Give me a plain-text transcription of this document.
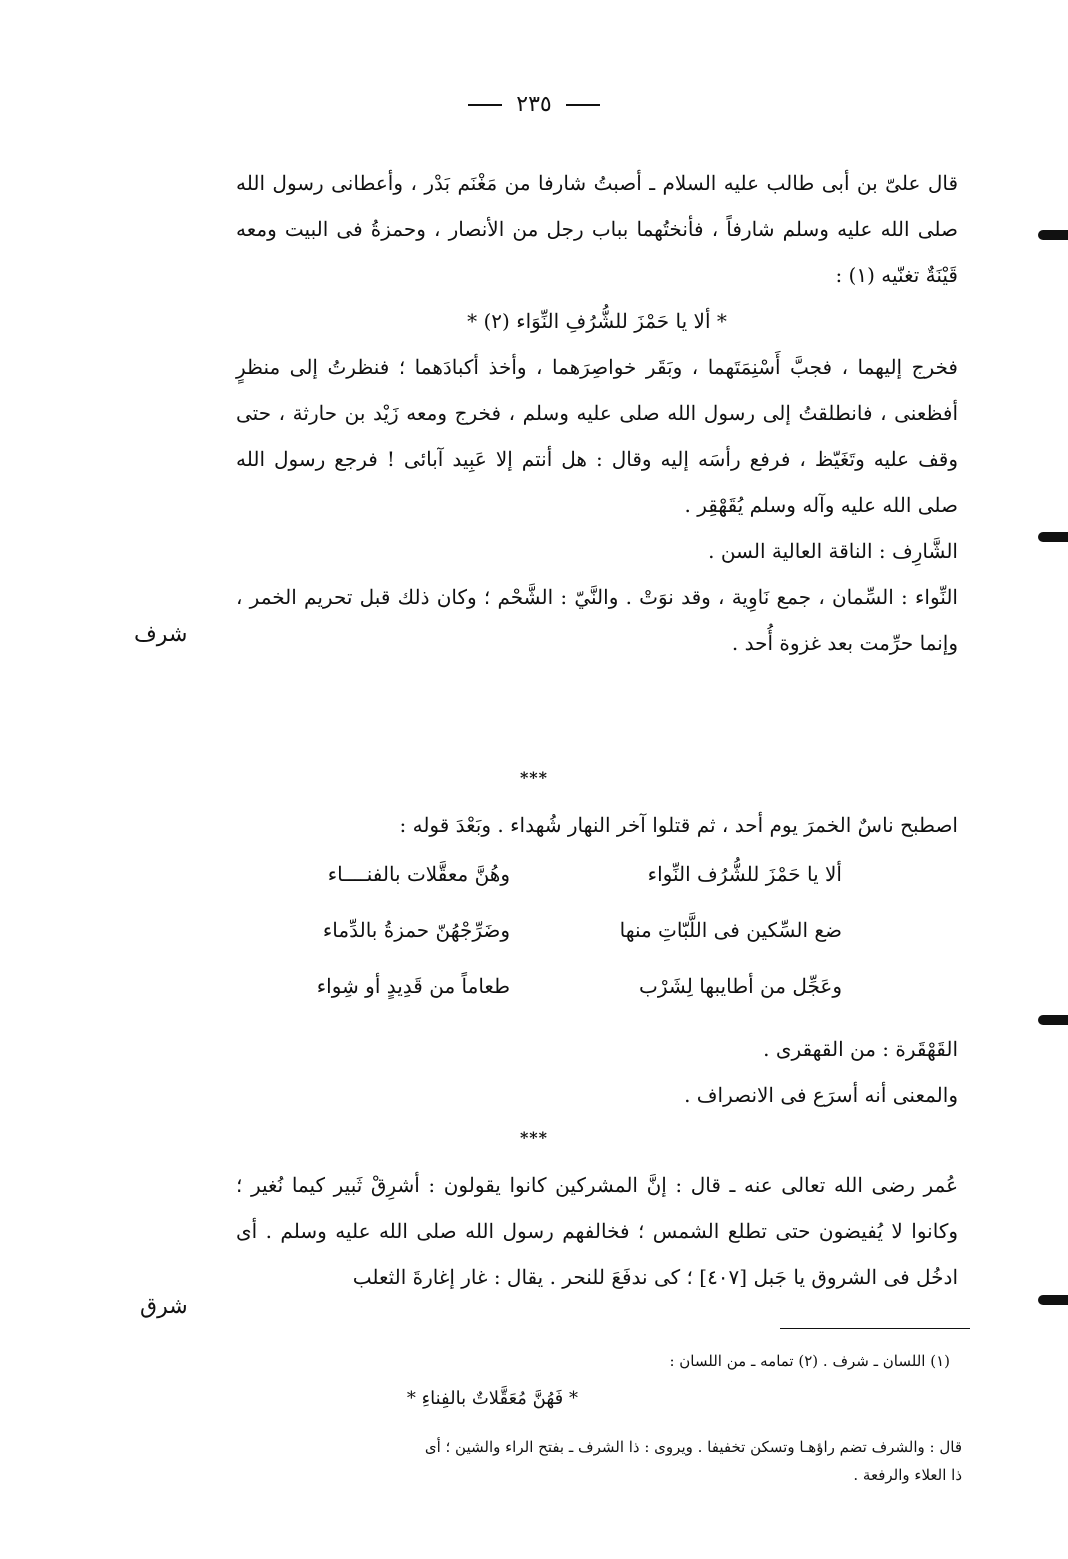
٢٣٥

قال علىّ بن أبى طالب عليه السلام ـ أصبتُ شارفا من مَغْنَم بَدْر ، وأعطانى رسول الله صلى الله عليه وسلم شارفاً ، فأنختُهما بباب رجل من الأنصار ، وحمزةُ فى البيت ومعه قَيْنَةٌ تغنّيه (١) :

* ألا يا حَمْزَ للشُّرُفِ النِّوَاء (٢) *

فخرج إليهما ، فجبَّ أَسْنِمَتَهما ، وبَقَر خواصِرَهما ، وأخذ أكبادَهما ؛ فنظرتُ إلى منظرٍ أفظعنى ، فانطلقتُ إلى رسول الله صلى عليه وسلم ، فخرج ومعه زَيْد بن حارثة ، حتى وقف عليه وتَغَيّظ ، فرفع رأسَه إليه وقال : هل أنتم إلا عَبِيد آبائى ! فرجع رسول الله صلى الله عليه وآله وسلم يُقَهْقِر .

الشَّارِف : الناقة العالية السن .

النِّواء : السِّمان ، جمع نَاوِية ، وقد نوَتْ . والنَّيّ : الشَّحْم ؛ وكان ذلك قبل تحريم الخمر ، وإنما حرِّمت بعد غزوة أُحد .

***

اصطبح ناسٌ الخمرَ يوم أحد ، ثم قتلوا آخر النهار شُهداء . وبَعْدَ قوله :

ألا يا حَمْزَ للشُّرُف النِّواء
وهُنَّ معقَّلات بالفنــــاء
ضع السِّكين فى اللَّبّاتِ منها
وضَرِّجْهُنّ حمزةُ بالدِّماء
وعَجِّل من أطايبها لِشَرْب
طعاماً من قَدِيدٍ أو شِواء

القَهْقَرة : من القهقرى .

والمعنى أنه أسرَع فى الانصراف .

***

عُمر رضى الله تعالى عنه ـ قال : إنَّ المشركين كانوا يقولون : أشرِقْ ثَبير كيما نُغير ؛ وكانوا لا يُفيضون حتى تطلع الشمس ؛ فخالفهم رسول الله صلى الله عليه وسلم . أى ادخُل فى الشروق يا جَبل [٤٠٧] ؛ كى ندفَعَ للنحر . يقال : غار إغارةَ الثعلب

شرف
شرق
(١) اللسان ـ شرف . (٢) تمامه ـ من اللسان :
* فَهُنَّ مُعَقَّلاتٌ بالفِناءِ *
قال : والشرف تضم راؤهـا وتسكن تخفيفا . ويروى : ذا الشرف ـ بفتح الراء والشين ؛ أى
ذا العلاء والرفعة .
